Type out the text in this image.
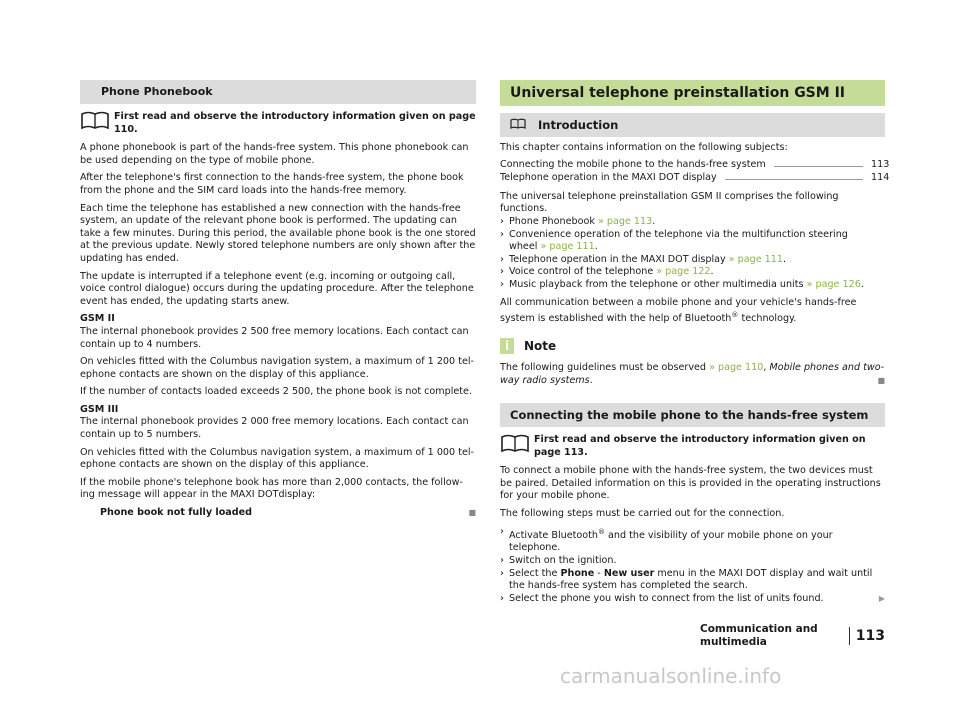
Phone Phonebook
First read and observe the introductory information given on page 110.

A phone phonebook is part of the hands-free system. This phone phonebook can be used depending on the type of mobile phone.

After the telephone's first connection to the hands-free system, the phone book from the phone and the SIM card loads into the hands-free memory.

Each time the telephone has established a new connection with the hands-free system, an update of the relevant phone book is performed. The updating can take a few minutes. During this period, the available phone book is the one stored at the previous update. Newly stored telephone numbers are only shown after the updating has ended.

The update is interrupted if a telephone event (e.g. incoming or outgoing call, voice control dialogue) occurs during the updating procedure. After the telephone event has ended, the updating starts anew.

GSM II

The internal phonebook provides 2 500 free memory locations. Each contact can contain up to 4 numbers.

On vehicles fitted with the Columbus navigation system, a maximum of 1 200 tel-ephone contacts are shown on the display of this appliance.

If the number of contacts loaded exceeds 2 500, the phone book is not complete.

GSM III

The internal phonebook provides 2 000 free memory locations. Each contact can contain up to 5 numbers.

On vehicles fitted with the Columbus navigation system, a maximum of 1 000 tel-ephone contacts are shown on the display of this appliance.

If the mobile phone's telephone book has more than 2,000 contacts, the follow-ing message will appear in the MAXI DOTdisplay:

Phone book not fully loaded	■
Universal telephone preinstallation GSM II
Introduction

This chapter contains information on the following subjects:

Connecting the mobile phone to the hands-free system	113
Telephone operation in the MAXI DOT display	114
The universal telephone preinstallation GSM II comprises the following functions.
› Phone Phonebook » page 113.
› Convenience operation of the telephone via the multifunction steering
wheel » page 111.
› Telephone operation in the MAXI DOT display » page 111.
› Voice control of the telephone » page 122.
› Music playback from the telephone or other multimedia units » page 126.

All communication between a mobile phone and your vehicle's hands-free system is established with the help of Bluetooth® technology.

i	Note

The following guidelines must be observed » page 110, Mobile phones and two-way radio systems.	■

Connecting the mobile phone to the hands-free system
First read and observe the introductory information given on page 113.

To connect a mobile phone with the hands-free system, the two devices must be paired. Detailed information on this is provided in the operating instructions for your mobile phone.

The following steps must be carried out for the connection.

› Activate Bluetooth® and the visibility of your mobile phone on your telephone.
› Switch on the ignition.
› Select the Phone - New user menu in the MAXI DOT display and wait until the hands-free system has completed the search.
› Select the phone you wish to connect from the list of units found.	▶
Communication and multimedia	113
carmanualsonline.info
